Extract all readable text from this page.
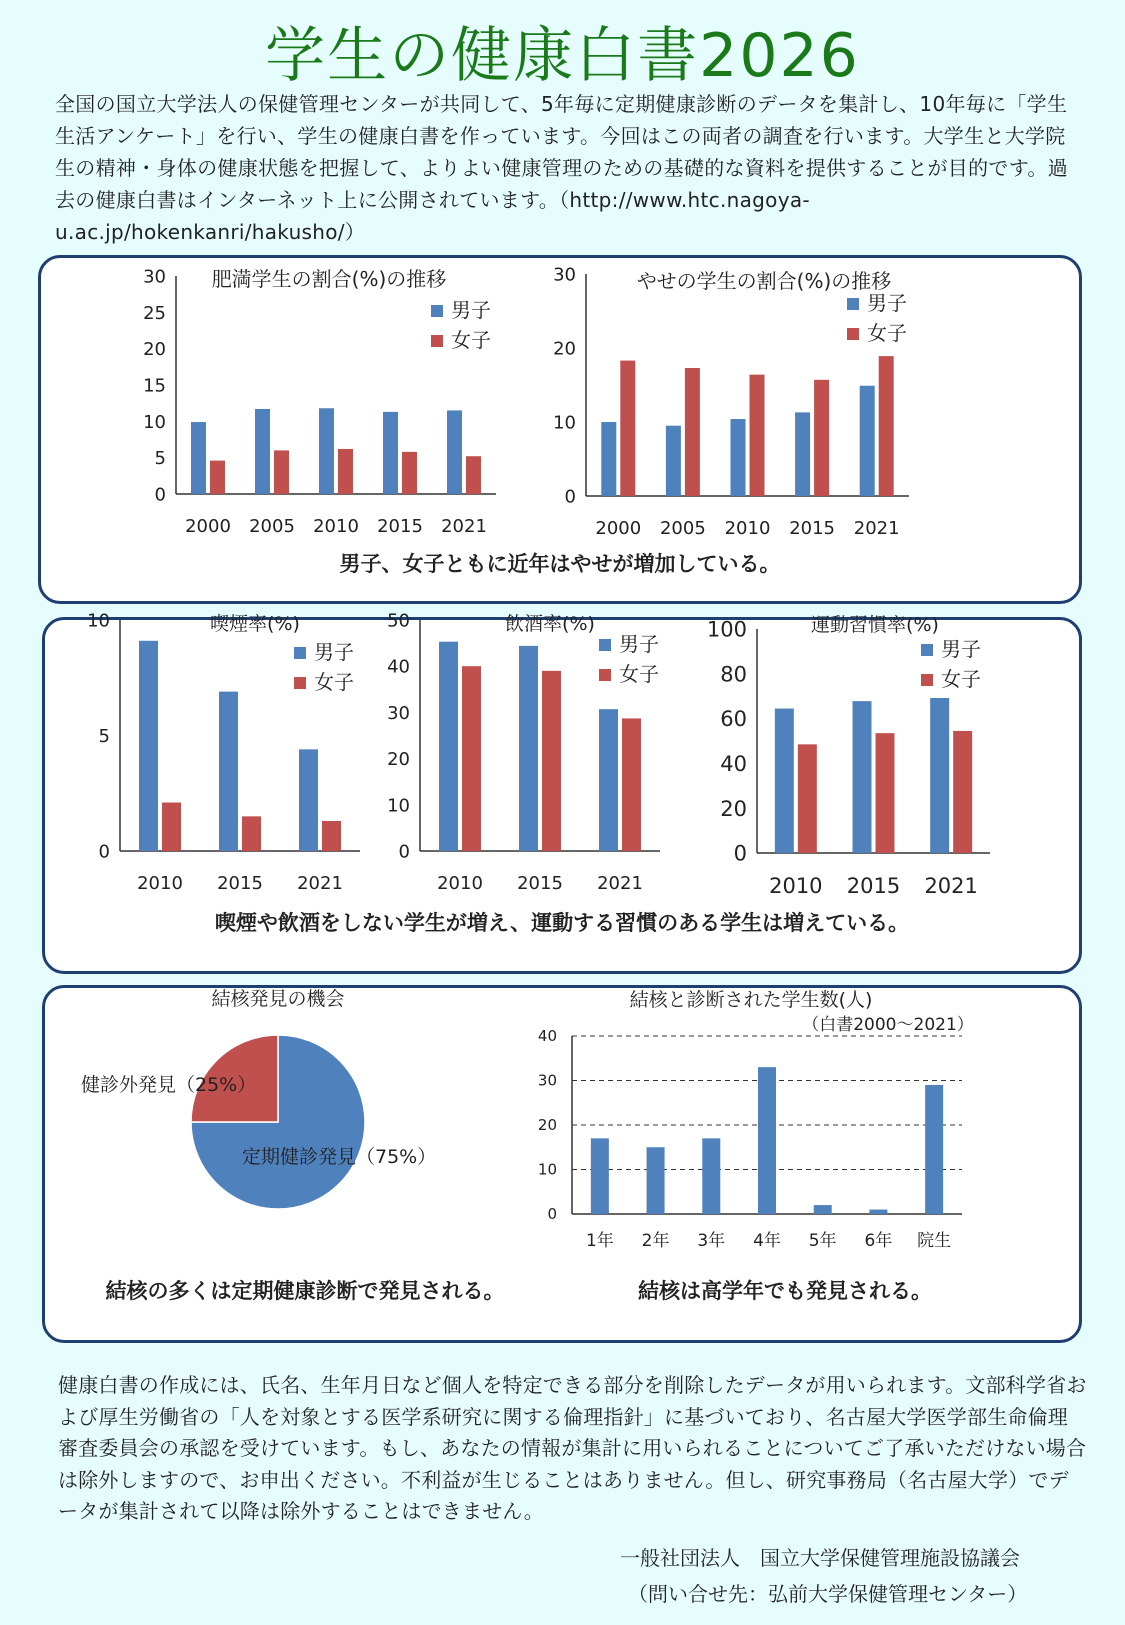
学生の健康白書2026
全国の国立大学法人の保健管理センターが共同して、5年毎に定期健康診断のデータを集計し、10年毎に「学生生活アンケート」を行い、学生の健康白書を作っています。今回はこの両者の調査を行います。大学生と大学院生の精神・身体の健康状態を把握して、よりよい健康管理のための基礎的な資料を提供することが目的です。過去の健康白書はインターネット上に公開されています。（http://www.htc.nagoya-u.ac.jp/hokenkanri/hakusho/）
0
5
10
15
20
25
30
2000 2005 2010 2015 2021
肥満学生の割合(%)の推移
男子
女子
0
10
20
30
2000 2005 2010 2015 2021
やせの学生の割合(%)の推移
男子
女子
男子、女子ともに近年はやせが増加している。
0
5
10
2010 2015 2021
喫煙率(%)
男子
女子
0
10
20
30
40
50
2010 2015 2021
飲酒率(%)
男子
女子
0
20
40
60
80
100
2010 2015 2021
運動習慣率(%)
男子
女子
喫煙や飲酒をしない学生が増え、運動する習慣のある学生は増えている。
結核発見の機会
定期健診発見（75%）
健診外発見（25%）
結核と診断された学生数(人)
（白書2000〜2021）
0
10
20
30
40
1年 2年 3年 4年 5年 6年 院生
結核の多くは定期健康診断で発見される。	結核は高学年でも発見される。
健康白書の作成には、氏名、生年月日など個人を特定できる部分を削除したデータが用いられます。文部科学省および厚生労働省の「人を対象とする医学系研究に関する倫理指針」に基づいており、名古屋大学医学部生命倫理審査委員会の承認を受けています。もし、あなたの情報が集計に用いられることについてご了承いただけない場合は除外しますので、お申出ください。不利益が生じることはありません。但し、研究事務局（名古屋大学）でデータが集計されて以降は除外することはできません。
一般社団法人　国立大学保健管理施設協議会
（問い合せ先：弘前大学保健管理センター）
